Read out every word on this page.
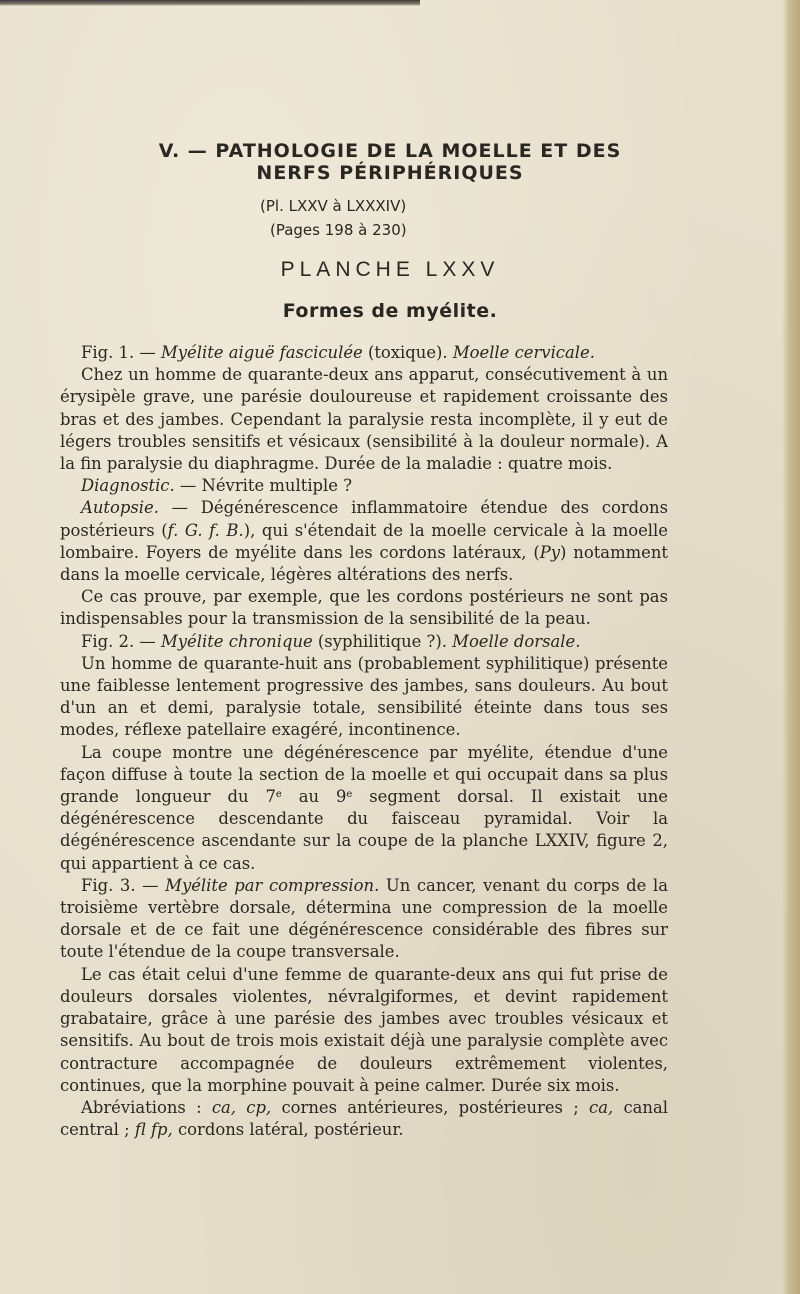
V. — PATHOLOGIE DE LA MOELLE ET DES
NERFS PÉRIPHÉRIQUES
(Pl. LXXV à LXXXIV)
(Pages 198 à 230)
PLANCHE LXXV
Formes de myélite.

Fig. 1. — Myélite aiguë fasciculée (toxique). Moelle cervicale.

Chez un homme de quarante-deux ans apparut, consécutivement à un érysipèle grave, une parésie douloureuse et rapidement croissante des bras et des jambes. Cependant la paralysie resta incomplète, il y eut de légers troubles sensitifs et vésicaux (sensibilité à la douleur normale). A la fin paralysie du diaphragme. Durée de la maladie : quatre mois.

Diagnostic. — Névrite multiple ?

Autopsie. — Dégénérescence inflammatoire étendue des cordons postérieurs (f. G. f. B.), qui s'étendait de la moelle cervicale à la moelle lombaire. Foyers de myélite dans les cordons latéraux, (Py) notamment dans la moelle cervicale, légères altérations des nerfs.

Ce cas prouve, par exemple, que les cordons postérieurs ne sont pas indispensables pour la transmission de la sensibilité de la peau.

Fig. 2. — Myélite chronique (syphilitique ?). Moelle dorsale.

Un homme de quarante-huit ans (probablement syphilitique) présente une faiblesse lentement progressive des jambes, sans douleurs. Au bout d'un an et demi, paralysie totale, sensibilité éteinte dans tous ses modes, réflexe patellaire exagéré, incontinence.

La coupe montre une dégénérescence par myélite, étendue d'une façon diffuse à toute la section de la moelle et qui occupait dans sa plus grande longueur du 7e au 9e segment dorsal. Il existait une dégénérescence descendante du faisceau pyramidal. Voir la dégénérescence ascendante sur la coupe de la planche LXXIV, figure 2, qui appartient à ce cas.

Fig. 3. — Myélite par compression. Un cancer, venant du corps de la troisième vertèbre dorsale, détermina une compression de la moelle dorsale et de ce fait une dégénérescence considérable des fibres sur toute l'étendue de la coupe transversale.

Le cas était celui d'une femme de quarante-deux ans qui fut prise de douleurs dorsales violentes, névralgiformes, et devint rapidement grabataire, grâce à une parésie des jambes avec troubles vésicaux et sensitifs. Au bout de trois mois existait déjà une paralysie complète avec contracture accompagnée de douleurs extrêmement violentes, continues, que la morphine pouvait à peine calmer. Durée six mois.

Abréviations : ca, cp, cornes antérieures, postérieures ; ca, canal central ; fl fp, cordons latéral, postérieur.
